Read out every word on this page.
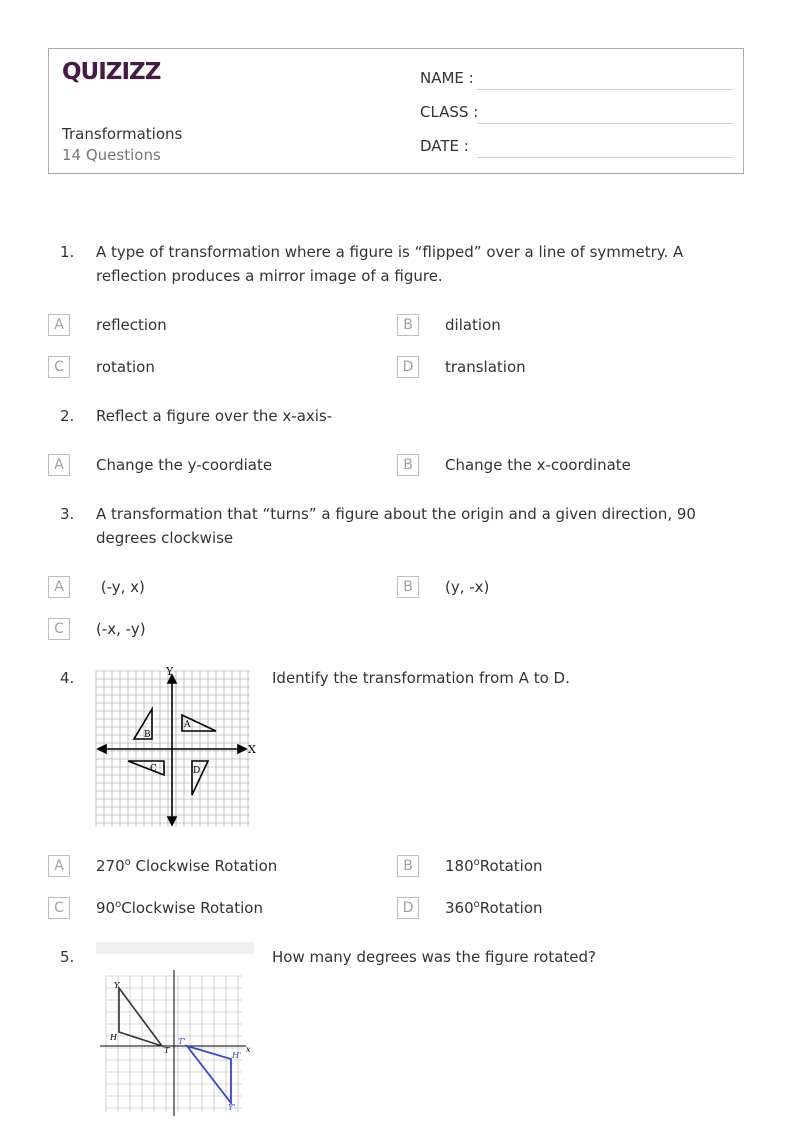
QUIZIZZ
Transformations
14 Questions
NAME :
CLASS :
DATE :
1. A type of transformation where a figure is “flipped” over a line of symmetry. A reflection produces a mirror image of a figure.
A	reflection	B	dilation
C	rotation	D	translation
2. Reflect a figure over the x-axis-
A	Change the y-coordiate	B	Change the x-coordinate
3. A transformation that “turns” a figure about the origin and a given direction, 90 degrees clockwise
A	(-y, x)	B	(y, -x)
C	(-x, -y)
4.	Identify the transformation from A to D.
Y
X
A
B
C	D
A	270$^o$ Clockwise Rotation	B	180$^o$Rotation
C	90$^o$Clockwise Rotation	D	360$^o$Rotation
5.	How many degrees was the figure rotated?
Y
H
T
T'
H'
Y'
x
